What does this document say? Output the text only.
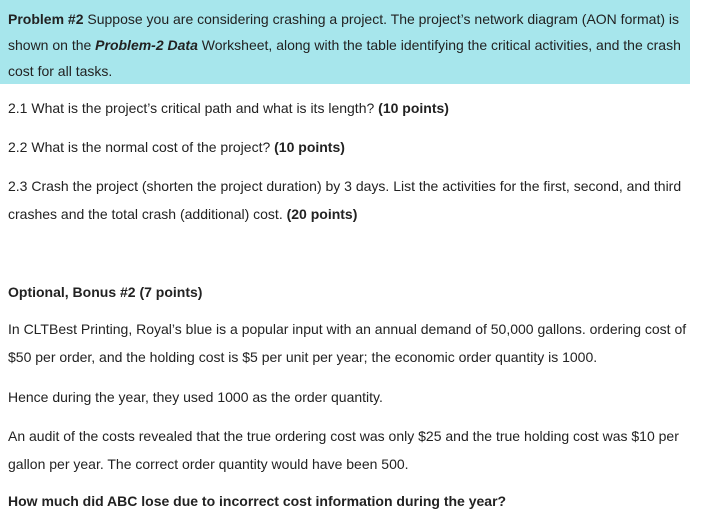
Problem #2 Suppose you are considering crashing a project. The project’s network diagram (AON format) is shown on the Problem-2 Data Worksheet, along with the table identifying the critical activities, and the crash cost for all tasks.

2.1 What is the project’s critical path and what is its length? (10 points)

2.2 What is the normal cost of the project? (10 points)

2.3 Crash the project (shorten the project duration) by 3 days. List the activities for the first, second, and third crashes and the total crash (additional) cost. (20 points)

Optional, Bonus #2 (7 points)

In CLTBest Printing, Royal’s blue is a popular input with an annual demand of 50,000 gallons. ordering cost of $50 per order, and the holding cost is $5 per unit per year; the economic order quantity is 1000.

Hence during the year, they used 1000 as the order quantity.

An audit of the costs revealed that the true ordering cost was only $25 and the true holding cost was $10 per gallon per year. The correct order quantity would have been 500.

How much did ABC lose due to incorrect cost information during the year?
